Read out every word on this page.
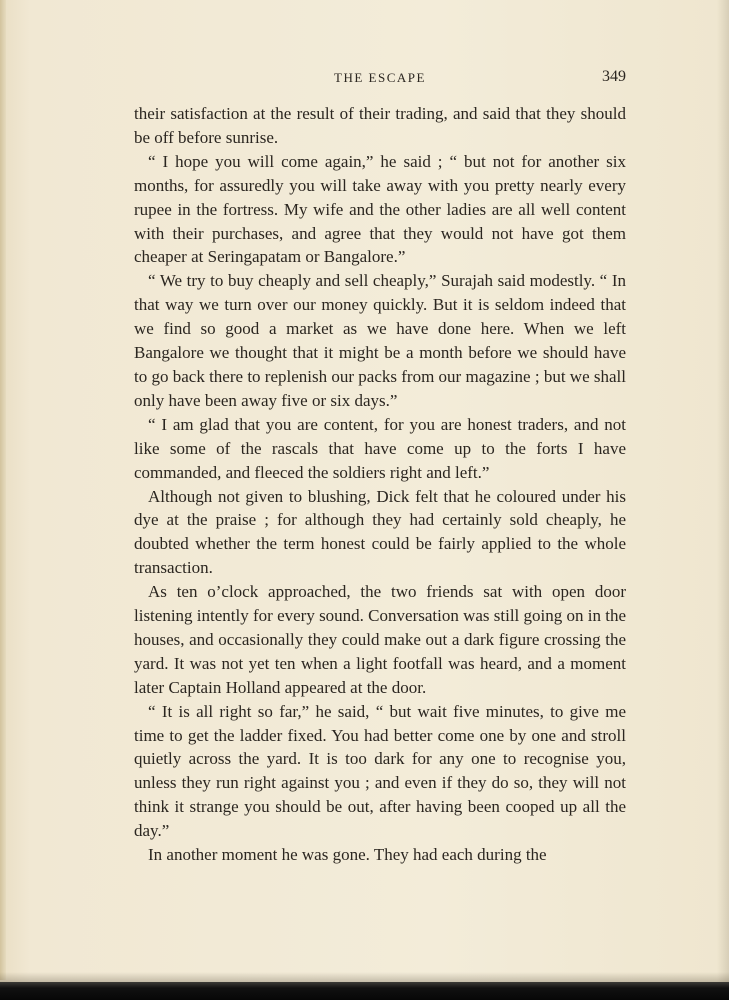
THE ESCAPE	349

their satisfaction at the result of their trading, and said that they should be off before sunrise.

“ I hope you will come again,” he said ; “ but not for another six months, for assuredly you will take away with you pretty nearly every rupee in the fortress. My wife and the other ladies are all well content with their purchases, and agree that they would not have got them cheaper at Seringapatam or Bangalore.”

“ We try to buy cheaply and sell cheaply,” Surajah said modestly. “ In that way we turn over our money quickly. But it is seldom indeed that we find so good a market as we have done here. When we left Bangalore we thought that it might be a month before we should have to go back there to replenish our packs from our magazine ; but we shall only have been away five or six days.”

“ I am glad that you are content, for you are honest traders, and not like some of the rascals that have come up to the forts I have commanded, and fleeced the soldiers right and left.”

Although not given to blushing, Dick felt that he coloured under his dye at the praise ; for although they had certainly sold cheaply, he doubted whether the term honest could be fairly applied to the whole transaction.

As ten o’clock approached, the two friends sat with open door listening intently for every sound. Conversation was still going on in the houses, and occasionally they could make out a dark figure crossing the yard. It was not yet ten when a light footfall was heard, and a moment later Captain Holland appeared at the door.

“ It is all right so far,” he said, “ but wait five minutes, to give me time to get the ladder fixed. You had better come one by one and stroll quietly across the yard. It is too dark for any one to recognise you, unless they run right against you ; and even if they do so, they will not think it strange you should be out, after having been cooped up all the day.”

In another moment he was gone. They had each during the
